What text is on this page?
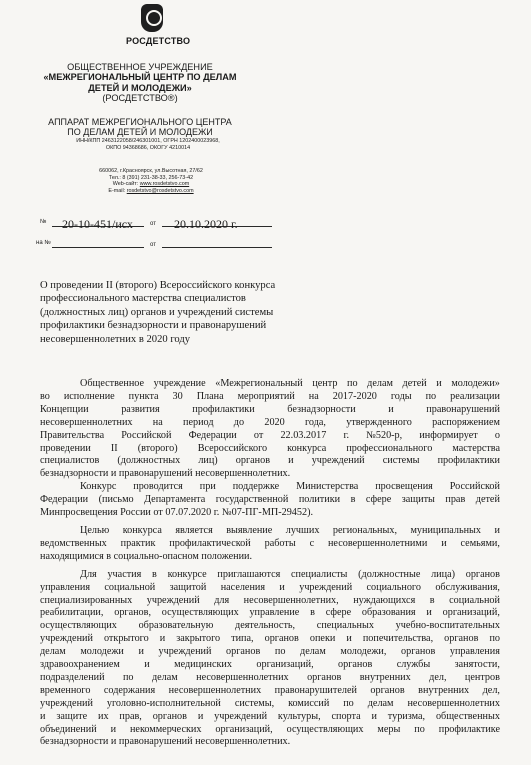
РОСДЕТСТВО
ОБЩЕСТВЕННОЕ УЧРЕЖДЕНИЕ
«МЕЖРЕГИОНАЛЬНЫЙ ЦЕНТР ПО ДЕЛАМ
ДЕТЕЙ И МОЛОДЕЖИ»
(РОСДЕТСТВО®)
АППАРАТ МЕЖРЕГИОНАЛЬНОГО ЦЕНТРА
ПО ДЕЛАМ ДЕТЕЙ И МОЛОДЕЖИ
ИНН/КПП 2463122058/246301001, ОГРН 1202400023968,
ОКПО 94368686, ОКОГУ 4210014
660062, г.Красноярск, ул.Высотная, 27/62
Тел.: 8 (391) 231-38-33, 256-73-42
Web-сайт: www.rosdetstvo.com
E-mail: rosdetstvo@rosdetstvo.com
№ 20-10-451/исх	от 20.10.2020 г.
на №	от
О проведении II (второго) Всероссийского конкурса
профессионального мастерства специалистов
(должностных лиц) органов и учреждений системы
профилактики безнадзорности и правонарушений
несовершеннолетних в 2020 году
Общественное учреждение «Межрегиональный центр по делам детей и молодежи»
во исполнение пункта 30 Плана мероприятий на 2017-2020 годы по реализации
Концепции	развития	профилактики	безнадзорности	и	правонарушений
несовершеннолетних на период до 2020 года, утвержденного распоряжением
Правительства Российской Федерации от 22.03.2017 г. №520-р, информирует о
проведении II (второго) Всероссийского конкурса профессионального мастерства
специалистов (должностных лиц) органов и учреждений системы профилактики
безнадзорности и правонарушений несовершеннолетних.
Конкурс проводится при поддержке Министерства просвещения Российской
Федерации (письмо Департамента государственной политики в сфере защиты прав детей
Минпросвещения России от 07.07.2020 г. №07-ПГ-МП-29452).
Целью конкурса является выявление лучших региональных, муниципальных и
ведомственных практик профилактической работы с несовершеннолетними и семьями,
находящимися в социально-опасном положении.
Для участия в конкурсе приглашаются специалисты (должностные лица) органов
управления социальной защитой населения и учреждений социального обслуживания,
специализированных учреждений для несовершеннолетних, нуждающихся в социальной
реабилитации, органов, осуществляющих управление в сфере образования и организаций,
осуществляющих образовательную деятельность, специальных учебно-воспитательных
учреждений открытого и закрытого типа, органов опеки и попечительства, органов по
делам молодежи и учреждений органов по делам молодежи, органов управления
здравоохранением и медицинских организаций, органов службы занятости,
подразделений по делам несовершеннолетних органов внутренних дел, центров
временного содержания несовершеннолетних правонарушителей органов внутренних дел,
учреждений уголовно-исполнительной системы, комиссий по делам несовершеннолетних
и защите их прав, органов и учреждений культуры, спорта и туризма, общественных
объединений и некоммерческих организаций, осуществляющих меры по профилактике
безнадзорности и правонарушений несовершеннолетних.
